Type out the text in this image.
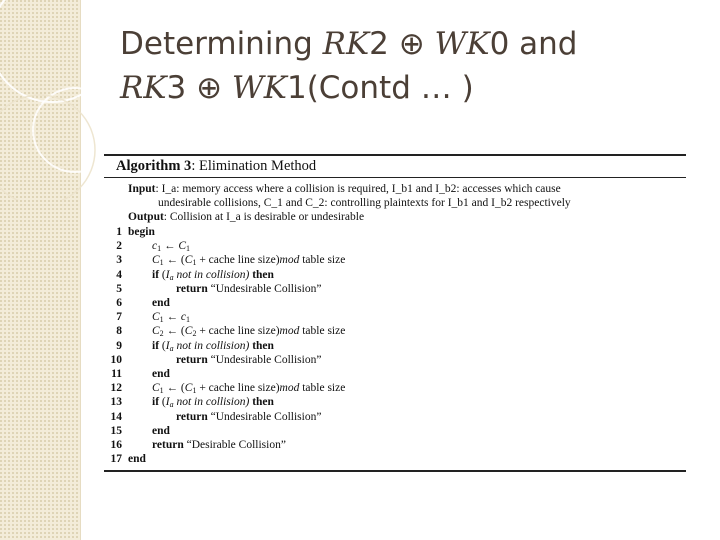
Determining RK2 ⊕ WK0 and
RK3 ⊕ WK1(Contd … )
Algorithm 3: Elimination Method
Input: I_a: memory access where a collision is required, I_b1 and I_b2: accesses which cause
undesirable collisions, C_1 and C_2: controlling plaintexts for I_b1 and I_b2 respectively
Output: Collision at I_a is desirable or undesirable
1 begin
2	$c_1$ ← $C_1$
3	$C_1$ ← ($C_1$ + cache line size)mod table size
4	if ($I_a$ not in collision) then
5	return “Undesirable Collision”
6	end
7	$C_1$ ← $c_1$
8	$C_2$ ← ($C_2$ + cache line size)mod table size
9	if ($I_a$ not in collision) then
10	return “Undesirable Collision”
11	end
12	$C_1$ ← ($C_1$ + cache line size)mod table size
13	if ($I_a$ not in collision) then
14	return “Undesirable Collision”
15	end
16	return “Desirable Collision”
17 end
